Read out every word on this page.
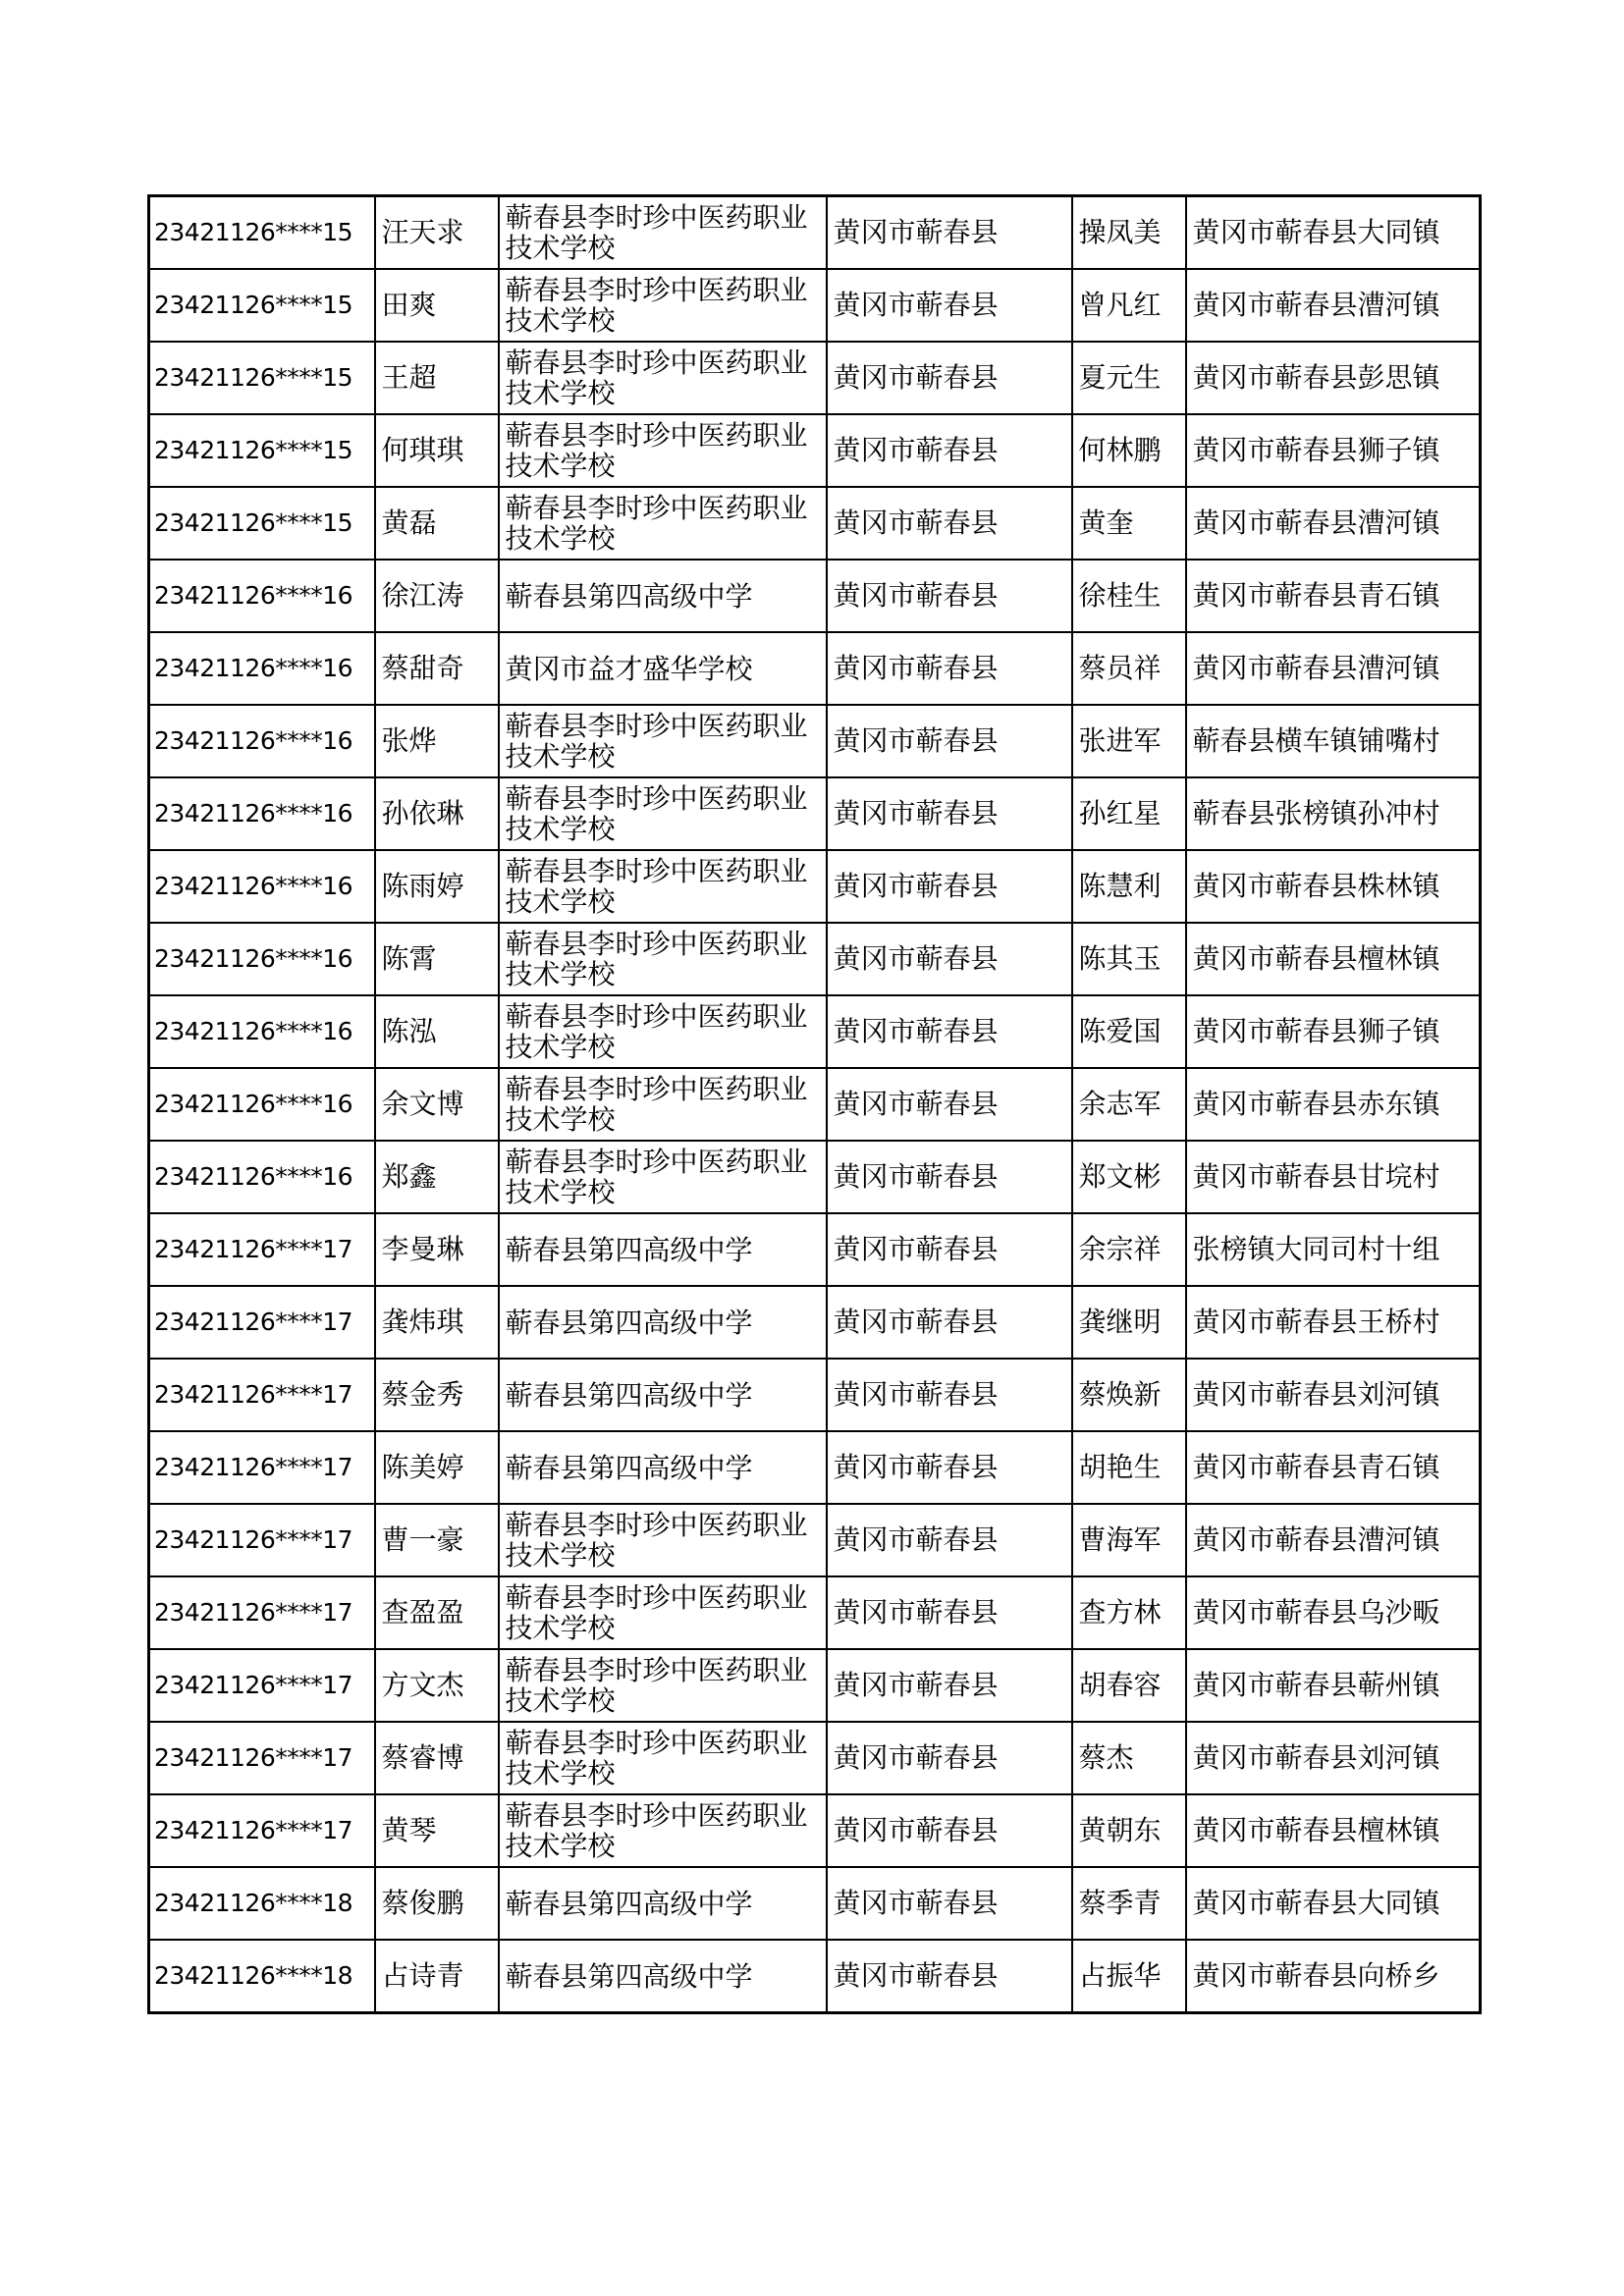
23421126****15	汪天求	蕲春县李时珍中医药职业技术学校	黄冈市蕲春县	操凤美	黄冈市蕲春县大同镇
23421126****15	田爽	蕲春县李时珍中医药职业技术学校	黄冈市蕲春县	曾凡红	黄冈市蕲春县漕河镇
23421126****15	王超	蕲春县李时珍中医药职业技术学校	黄冈市蕲春县	夏元生	黄冈市蕲春县彭思镇
23421126****15	何琪琪	蕲春县李时珍中医药职业技术学校	黄冈市蕲春县	何林鹏	黄冈市蕲春县狮子镇
23421126****15	黄磊	蕲春县李时珍中医药职业技术学校	黄冈市蕲春县	黄奎	黄冈市蕲春县漕河镇
23421126****16	徐江涛	蕲春县第四高级中学	黄冈市蕲春县	徐桂生	黄冈市蕲春县青石镇
23421126****16	蔡甜奇	黄冈市益才盛华学校	黄冈市蕲春县	蔡员祥	黄冈市蕲春县漕河镇
23421126****16	张烨	蕲春县李时珍中医药职业技术学校	黄冈市蕲春县	张进军	蕲春县横车镇铺嘴村
23421126****16	孙依琳	蕲春县李时珍中医药职业技术学校	黄冈市蕲春县	孙红星	蕲春县张榜镇孙冲村
23421126****16	陈雨婷	蕲春县李时珍中医药职业技术学校	黄冈市蕲春县	陈慧利	黄冈市蕲春县株林镇
23421126****16	陈霄	蕲春县李时珍中医药职业技术学校	黄冈市蕲春县	陈其玉	黄冈市蕲春县檀林镇
23421126****16	陈泓	蕲春县李时珍中医药职业技术学校	黄冈市蕲春县	陈爱国	黄冈市蕲春县狮子镇
23421126****16	余文博	蕲春县李时珍中医药职业技术学校	黄冈市蕲春县	余志军	黄冈市蕲春县赤东镇
23421126****16	郑鑫	蕲春县李时珍中医药职业技术学校	黄冈市蕲春县	郑文彬	黄冈市蕲春县甘垸村
23421126****17	李曼琳	蕲春县第四高级中学	黄冈市蕲春县	余宗祥	张榜镇大同司村十组
23421126****17	龚炜琪	蕲春县第四高级中学	黄冈市蕲春县	龚继明	黄冈市蕲春县王桥村
23421126****17	蔡金秀	蕲春县第四高级中学	黄冈市蕲春县	蔡焕新	黄冈市蕲春县刘河镇
23421126****17	陈美婷	蕲春县第四高级中学	黄冈市蕲春县	胡艳生	黄冈市蕲春县青石镇
23421126****17	曹一豪	蕲春县李时珍中医药职业技术学校	黄冈市蕲春县	曹海军	黄冈市蕲春县漕河镇
23421126****17	查盈盈	蕲春县李时珍中医药职业技术学校	黄冈市蕲春县	查方林	黄冈市蕲春县乌沙畈
23421126****17	方文杰	蕲春县李时珍中医药职业技术学校	黄冈市蕲春县	胡春容	黄冈市蕲春县蕲州镇
23421126****17	蔡睿博	蕲春县李时珍中医药职业技术学校	黄冈市蕲春县	蔡杰	黄冈市蕲春县刘河镇
23421126****17	黄琴	蕲春县李时珍中医药职业技术学校	黄冈市蕲春县	黄朝东	黄冈市蕲春县檀林镇
23421126****18	蔡俊鹏	蕲春县第四高级中学	黄冈市蕲春县	蔡季青	黄冈市蕲春县大同镇
23421126****18	占诗青	蕲春县第四高级中学	黄冈市蕲春县	占振华	黄冈市蕲春县向桥乡
